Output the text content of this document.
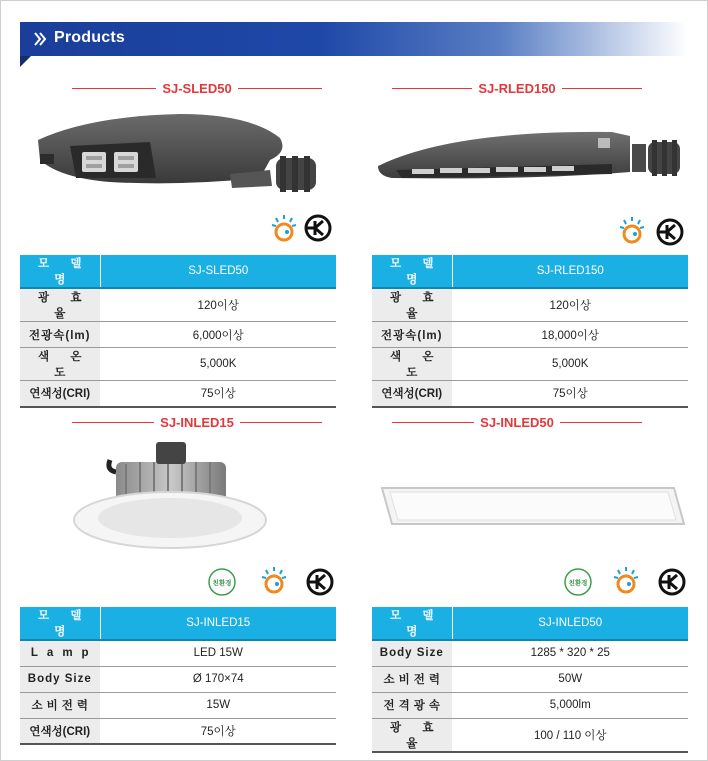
Products
SJ-SLED50
모 델 명	SJ-SLED50
광 효 율	120이상
전광속(lm)	6,000이상
색 온 도	5,000K
연색성(CRI)	75이상
SJ-RLED150
모 델 명	SJ-RLED150
광 효 율	120이상
전광속(lm)	18,000이상
색 온 도	5,000K
연색성(CRI)	75이상
SJ-INLED15
친환경
모 델 명	SJ-INLED15
Lamp	LED 15W
Body Size	Ø 170×74
소비전력	15W
연색성(CRI)	75이상
SJ-INLED50
친환경
모 델 명	SJ-INLED50
Body Size	1285 * 320 * 25
소비전력	50W
전격광속	5,000lm
광 효 율	100 / 110 이상
